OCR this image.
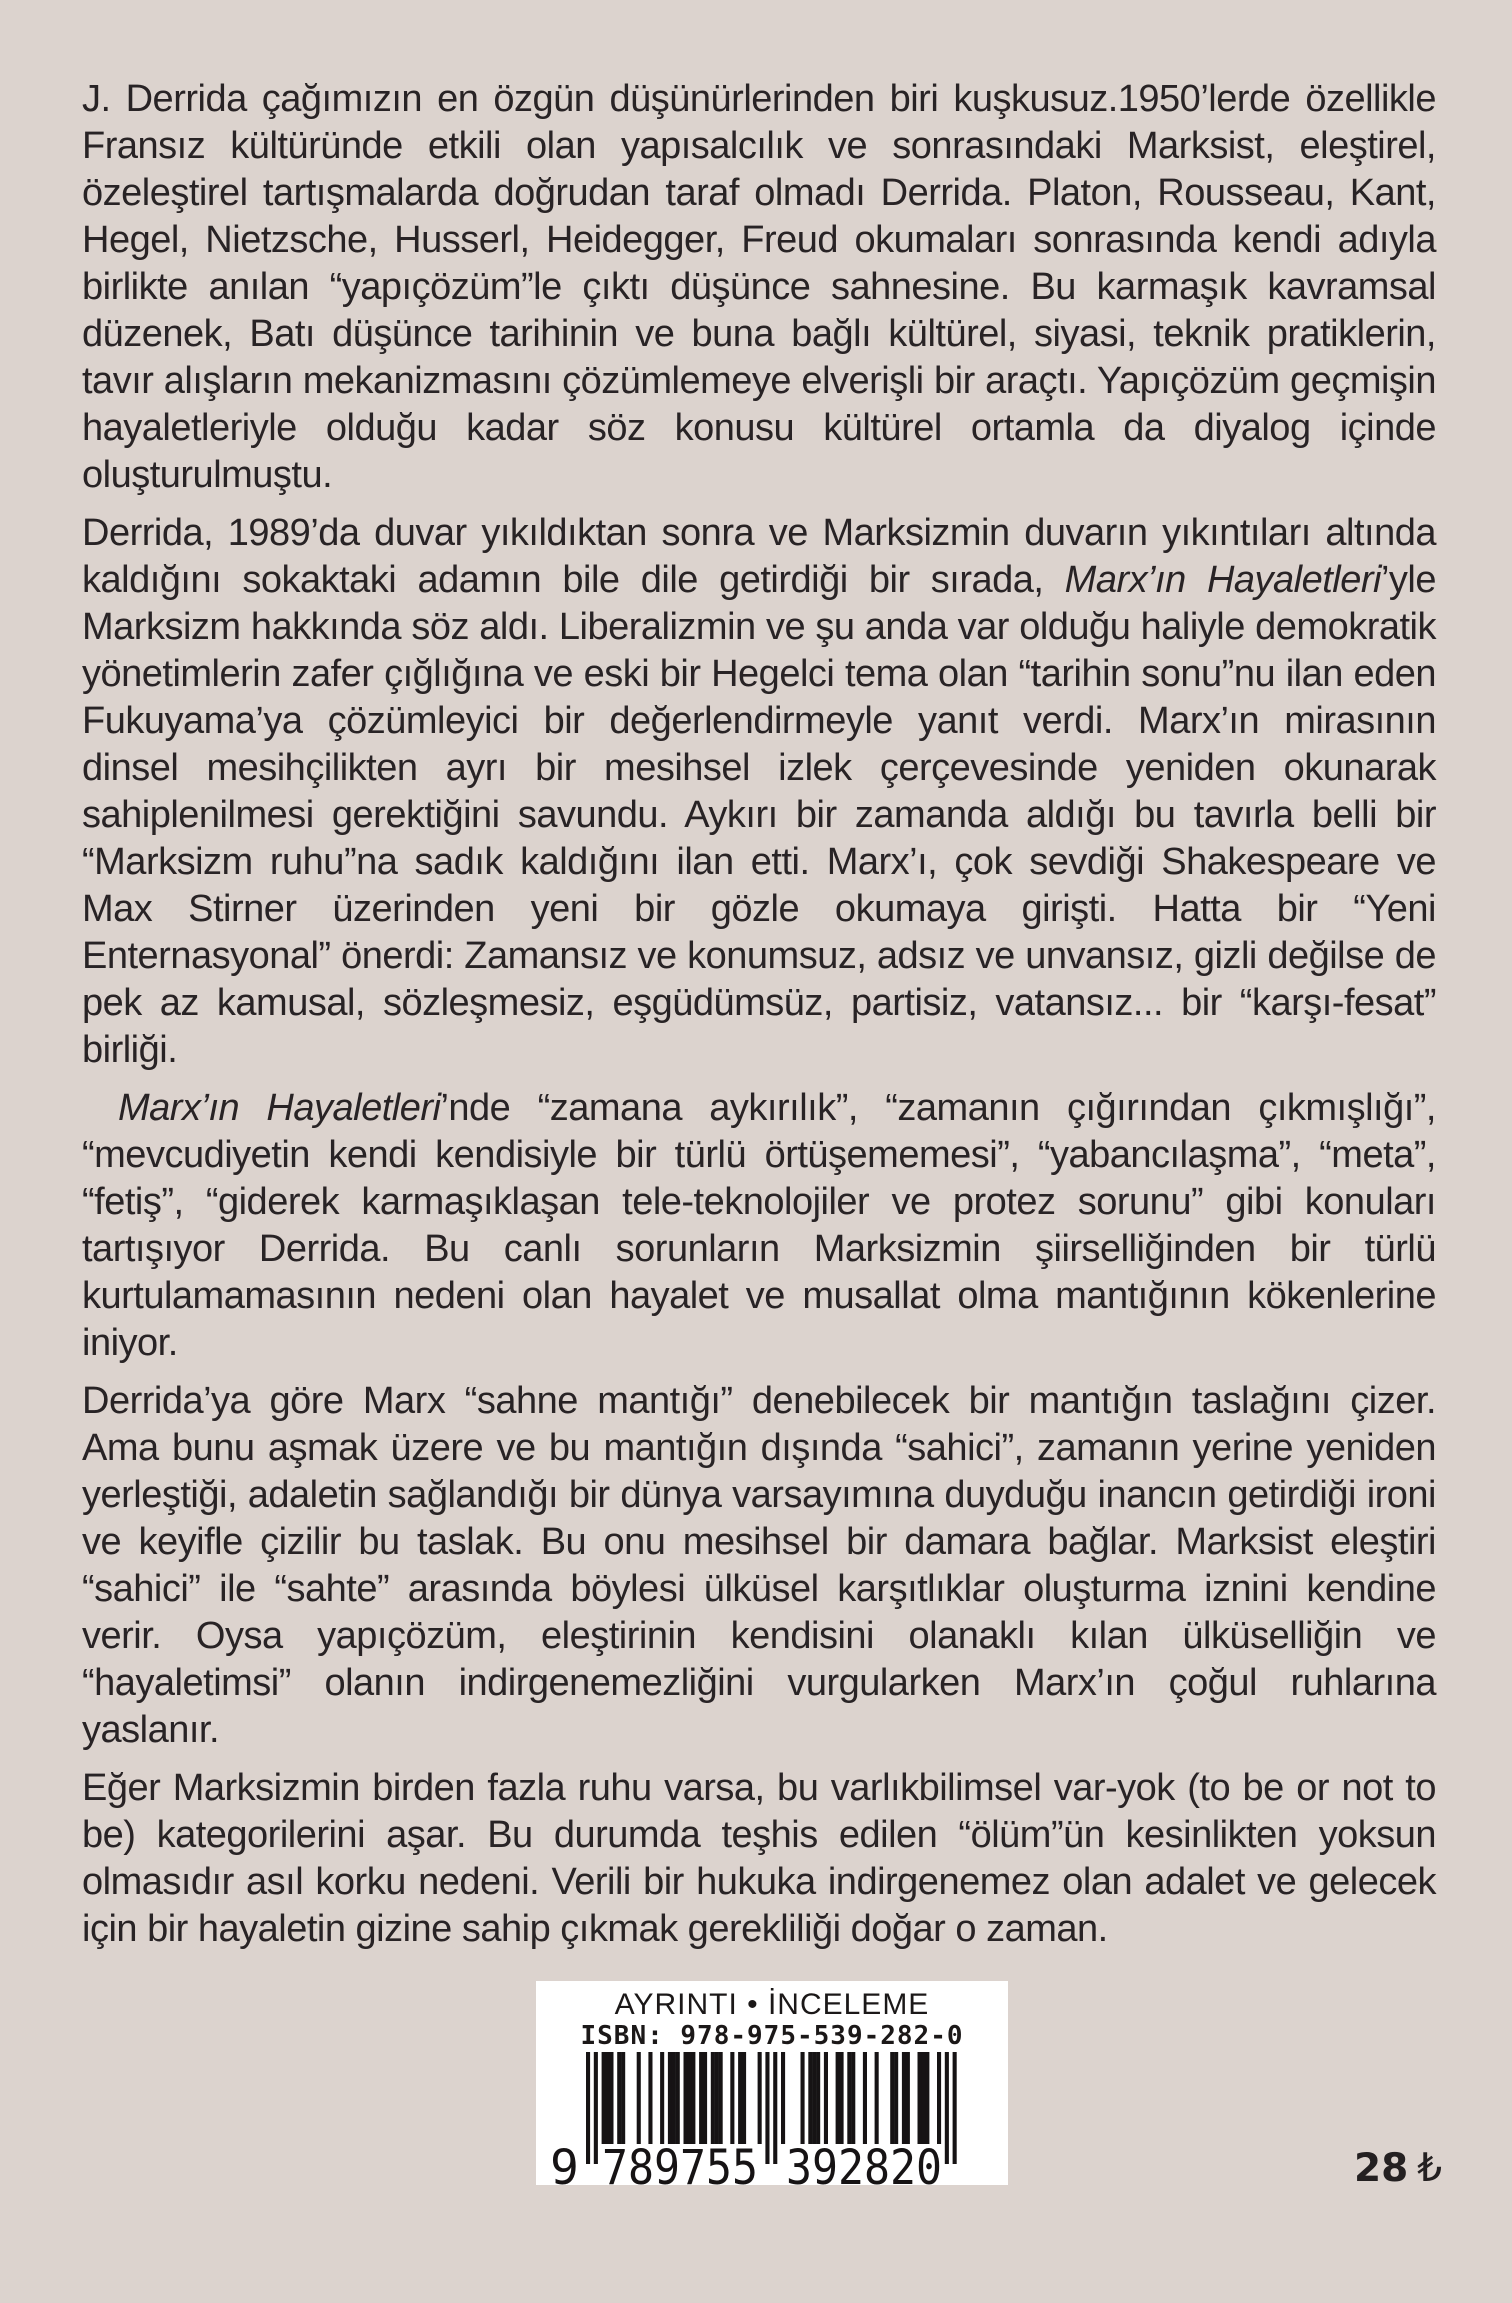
J. Derrida çağımızın en özgün düşünürlerinden biri kuşkusuz.1950’lerde özellikle Fransız kültüründe etkili olan yapısalcılık ve sonrasındaki Marksist, eleştirel, özeleştirel tartışmalarda doğrudan taraf olmadı Derrida. Platon, Rousseau, Kant, Hegel, Nietzsche, Husserl, Heidegger, Freud okumaları sonrasında kendi adıyla birlikte anılan “yapıçözüm”le çıktı düşünce sahnesine. Bu karmaşık kavramsal düzenek, Batı düşünce tarihinin ve buna bağlı kültürel, siyasi, teknik pratiklerin, tavır alışların mekanizmasını çözümlemeye elverişli bir araçtı. Yapıçözüm geçmişin hayaletleriyle olduğu kadar söz konusu kültürel ortamla da diyalog içinde oluşturulmuştu.

Derrida, 1989’da duvar yıkıldıktan sonra ve Marksizmin duvarın yıkıntıları altında kaldığını sokaktaki adamın bile dile getirdiği bir sırada, Marx’ın Hayaletleri’yle Marksizm hakkında söz aldı. Liberalizmin ve şu anda var olduğu haliyle demokratik yönetimlerin zafer çığlığına ve eski bir Hegelci tema olan “tarihin sonu”nu ilan eden Fukuyama’ya çözümleyici bir değerlendirmeyle yanıt verdi. Marx’ın mirasının dinsel mesihçilikten ayrı bir mesihsel izlek çerçevesinde yeniden okunarak sahiplenilmesi gerektiğini savundu. Aykırı bir zamanda aldığı bu tavırla belli bir “Marksizm ruhu”na sadık kaldığını ilan etti. Marx’ı, çok sevdiği Shakespeare ve Max Stirner üzerinden yeni bir gözle okumaya girişti. Hatta bir “Yeni Enternasyonal” önerdi: Zamansız ve konumsuz, adsız ve unvansız, gizli değilse de pek az kamusal, sözleşmesiz, eşgüdümsüz, partisiz, vatansız... bir “karşı-fesat” birliği.

Marx’ın Hayaletleri’nde “zamana aykırılık”, “zamanın çığırından çıkmışlığı”, “mevcudiyetin kendi kendisiyle bir türlü örtüşememesi”, “yabancılaşma”, “meta”, “fetiş”, “giderek karmaşıklaşan tele-teknolojiler ve protez sorunu” gibi konuları tartışıyor Derrida. Bu canlı sorunların Marksizmin şiirselliğinden bir türlü kurtulamamasının nedeni olan hayalet ve musallat olma mantığının kökenlerine iniyor.

Derrida’ya göre Marx “sahne mantığı” denebilecek bir mantığın taslağını çizer. Ama bunu aşmak üzere ve bu mantığın dışında “sahici”, zamanın yerine yeniden yerleştiği, adaletin sağlandığı bir dünya varsayımına duyduğu inancın getirdiği ironi ve keyifle çizilir bu taslak. Bu onu mesihsel bir damara bağlar. Marksist eleştiri “sahici” ile “sahte” arasında böylesi ülküsel karşıtlıklar oluşturma iznini kendine verir. Oysa yapıçözüm, eleştirinin kendisini olanaklı kılan ülküselliğin ve “hayaletimsi” olanın indirgenemezliğini vurgularken Marx’ın çoğul ruhlarına yaslanır.

Eğer Marksizmin birden fazla ruhu varsa, bu varlıkbilimsel var-yok (to be or not to be) kategorilerini aşar. Bu durumda teşhis edilen “ölüm”ün kesinlikten yoksun olmasıdır asıl korku nedeni. Verili bir hukuka indirgenemez olan adalet ve gelecek için bir hayaletin gizine sahip çıkmak gerekliliği doğar o zaman.

AYRINTI • İNCELEME
ISBN: 978-975-539-282-0
9 789755 392820	28 ₺
